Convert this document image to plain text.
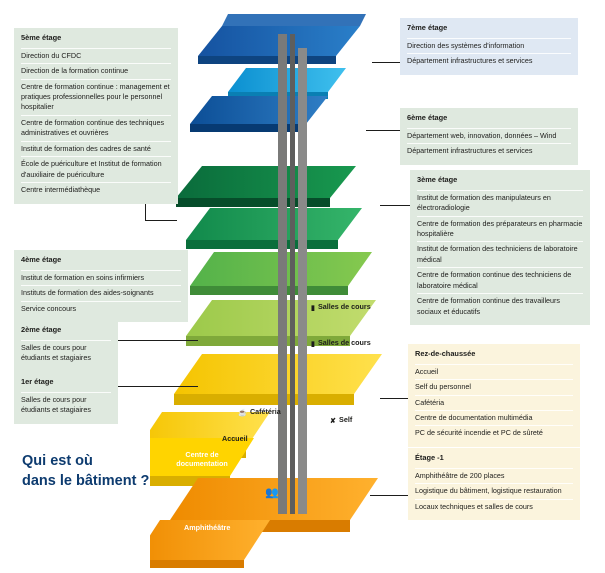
▮ Salles de cours
▮ Salles de cours
☕ Cafétéria
✘ Self
Accueil
Centre de
documentation
Amphithéâtre
👥
5ème étage
Direction du CFDC
Direction de la formation continue
Centre de formation continue : management et pratiques professionnelles pour le personnel hospitalier
Centre de formation continue des techniques administratives et ouvrières
Institut de formation des cadres de santé
École de puériculture et Institut de formation d'auxiliaire de puériculture
Centre intermédiathèque
7ème étage
Direction des systèmes d'information
Département infrastructures et services
6ème étage
Département web, innovation, données – Wind
Département infrastructures et services
3ème étage
Institut de formation des manipulateurs en électroradiologie
Centre de formation des préparateurs en pharmacie hospitalière
Institut de formation des techniciens de laboratoire médical
Centre de formation continue des techniciens de laboratoire médical
Centre de formation continue des travailleurs sociaux et éducatifs
4ème étage
Institut de formation en soins infirmiers
Instituts de formation des aides-soignants
Service concours
2ème étage
Salles de cours pour étudiants et stagiaires
1er étage
Salles de cours pour étudiants et stagiaires
Rez-de-chaussée
Accueil
Self du personnel
Cafétéria
Centre de documentation multimédia
PC de sécurité incendie et PC de sûreté
Étage -1
Amphithéâtre de 200 places
Logistique du bâtiment, logistique restauration
Locaux techniques et salles de cours
Qui est où
dans le bâtiment ?
